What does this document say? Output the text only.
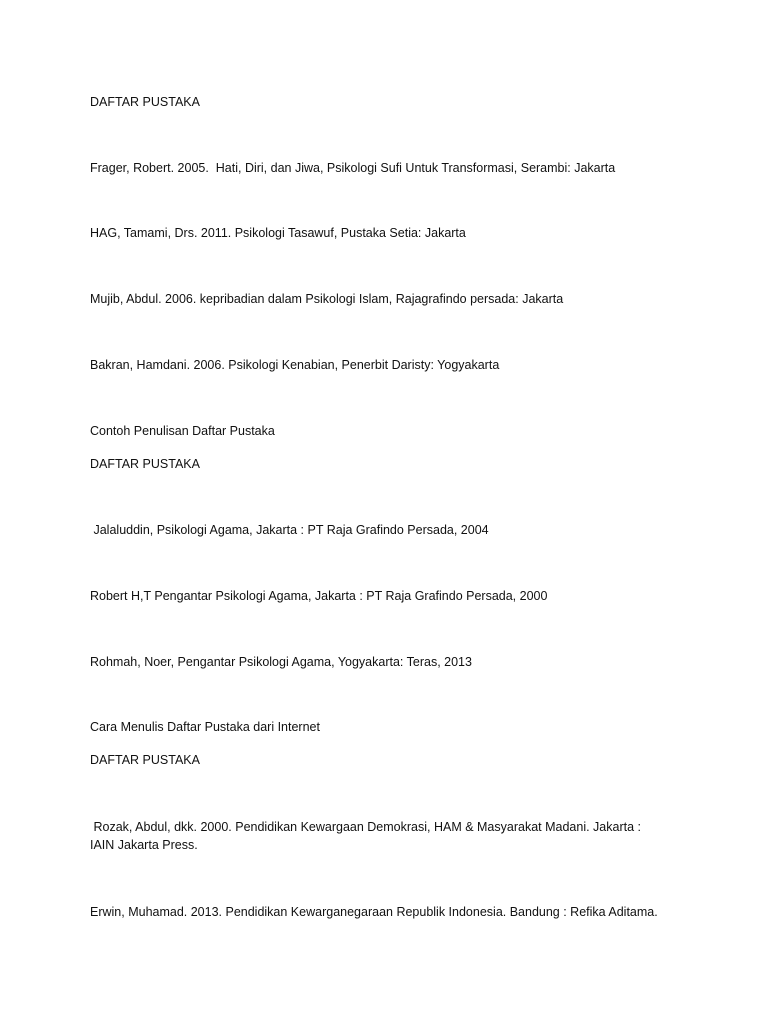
DAFTAR PUSTAKA
Frager, Robert. 2005.  Hati, Diri, dan Jiwa, Psikologi Sufi Untuk Transformasi, Serambi: Jakarta
HAG, Tamami, Drs. 2011. Psikologi Tasawuf, Pustaka Setia: Jakarta
Mujib, Abdul. 2006. kepribadian dalam Psikologi Islam, Rajagrafindo persada: Jakarta
Bakran, Hamdani. 2006. Psikologi Kenabian, Penerbit Daristy: Yogyakarta
Contoh Penulisan Daftar Pustaka
DAFTAR PUSTAKA
Jalaluddin, Psikologi Agama, Jakarta : PT Raja Grafindo Persada, 2004
Robert H,T Pengantar Psikologi Agama, Jakarta : PT Raja Grafindo Persada, 2000
Rohmah, Noer, Pengantar Psikologi Agama, Yogyakarta: Teras, 2013
Cara Menulis Daftar Pustaka dari Internet
DAFTAR PUSTAKA
Rozak, Abdul, dkk. 2000. Pendidikan Kewargaan Demokrasi, HAM & Masyarakat Madani. Jakarta : IAIN Jakarta Press.
Erwin, Muhamad. 2013. Pendidikan Kewarganegaraan Republik Indonesia. Bandung : Refika Aditama.
